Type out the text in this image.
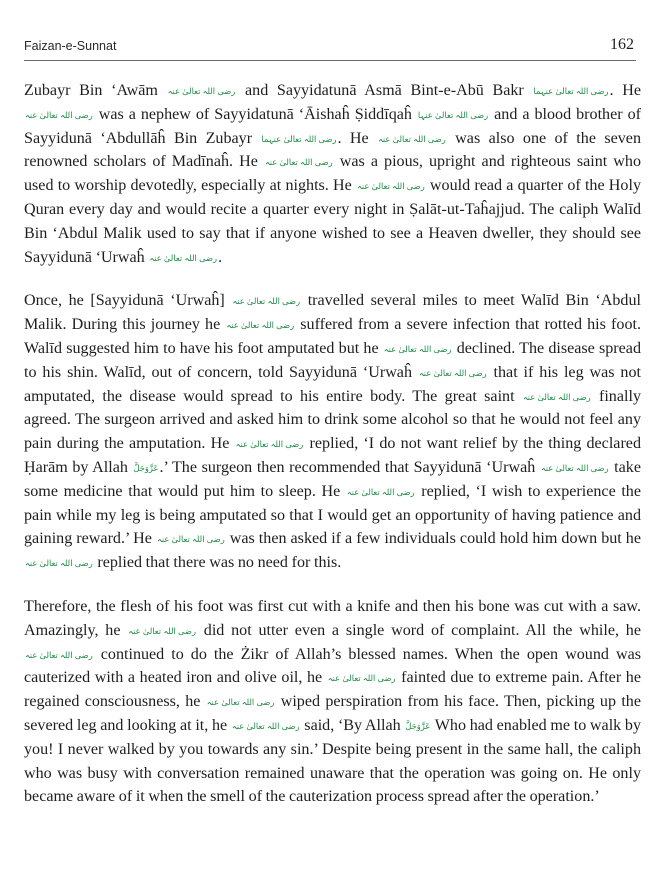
Faizan-e-Sunnat	162

Zubayr Bin ‘Awām رضی اللہ تعالیٰ عنہ and Sayyidatunā Asmā Bint-e-Abū Bakr رضی اللہ تعالیٰ عنہما. He رضی اللہ تعالیٰ عنہ was a nephew of Sayyidatunā ‘Āishaĥ Ṣiddīqaĥ رضی اللہ تعالیٰ عنہا and a blood brother of Sayyidunā ‘Abdullāĥ Bin Zubayr رضی اللہ تعالیٰ عنہما. He رضی اللہ تعالیٰ عنہ was also one of the seven renowned scholars of Madīnaĥ. He رضی اللہ تعالیٰ عنہ was a pious, upright and righteous saint who used to worship devotedly, especially at nights. He رضی اللہ تعالیٰ عنہ would read a quarter of the Holy Quran every day and would recite a quarter every night in Ṣalāt-ut-Taĥajjud. The caliph Walīd Bin ‘Abdul Malik used to say that if anyone wished to see a Heaven dweller, they should see Sayyidunā ‘Urwaĥ رضی اللہ تعالیٰ عنہ.

Once, he [Sayyidunā ‘Urwaĥ] رضی اللہ تعالیٰ عنہ travelled several miles to meet Walīd Bin ‘Abdul Malik. During this journey he رضی اللہ تعالیٰ عنہ suffered from a severe infection that rotted his foot. Walīd suggested him to have his foot amputated but he رضی اللہ تعالیٰ عنہ declined. The disease spread to his shin. Walīd, out of concern, told Sayyidunā ‘Urwaĥ رضی اللہ تعالیٰ عنہ that if his leg was not amputated, the disease would spread to his entire body. The great saint رضی اللہ تعالیٰ عنہ finally agreed. The surgeon arrived and asked him to drink some alcohol so that he would not feel any pain during the amputation. He رضی اللہ تعالیٰ عنہ replied, ‘I do not want relief by the thing declared Ḥarām by Allah عَزَّوَجَلَّ.’ The surgeon then recommended that Sayyidunā ‘Urwaĥ رضی اللہ تعالیٰ عنہ take some medicine that would put him to sleep. He رضی اللہ تعالیٰ عنہ replied, ‘I wish to experience the pain while my leg is being amputated so that I would get an opportunity of having patience and gaining reward.’ He رضی اللہ تعالیٰ عنہ was then asked if a few individuals could hold him down but he رضی اللہ تعالیٰ عنہ replied that there was no need for this.

Therefore, the flesh of his foot was first cut with a knife and then his bone was cut with a saw. Amazingly, he رضی اللہ تعالیٰ عنہ did not utter even a single word of complaint. All the while, he رضی اللہ تعالیٰ عنہ continued to do the Żikr of Allah’s blessed names. When the open wound was cauterized with a heated iron and olive oil, he رضی اللہ تعالیٰ عنہ fainted due to extreme pain. After he regained consciousness, he رضی اللہ تعالیٰ عنہ wiped perspiration from his face. Then, picking up the severed leg and looking at it, he رضی اللہ تعالیٰ عنہ said, ‘By Allah عَزَّوَجَلَّ Who had enabled me to walk by you! I never walked by you towards any sin.’ Despite being present in the same hall, the caliph who was busy with conversation remained unaware that the operation was going on. He only became aware of it when the smell of the cauterization process spread after the operation.’
